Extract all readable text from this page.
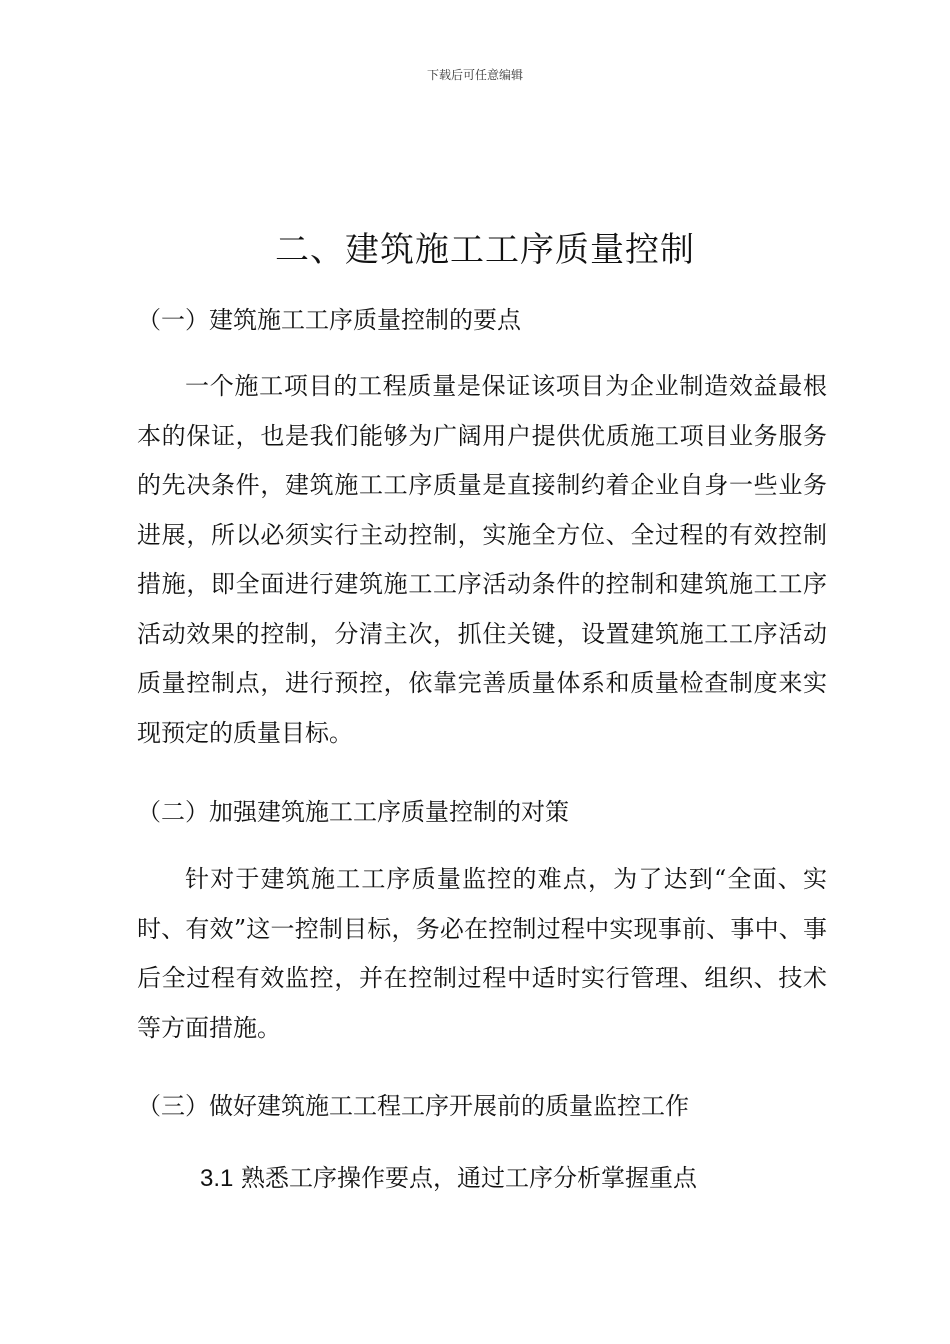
下载后可任意编辑
二、建筑施工工序质量控制
（一）建筑施工工序质量控制的要点

一个施工项目的工程质量是保证该项目为企业制造效益最根本的保证，也是我们能够为广阔用户提供优质施工项目业务服务的先决条件，建筑施工工序质量是直接制约着企业自身一些业务进展，所以必须实行主动控制，实施全方位、全过程的有效控制措施，即全面进行建筑施工工序活动条件的控制和建筑施工工序活动效果的控制，分清主次，抓住关键，设置建筑施工工序活动质量控制点，进行预控，依靠完善质量体系和质量检查制度来实现预定的质量目标。

（二）加强建筑施工工序质量控制的对策

针对于建筑施工工序质量监控的难点，为了达到“全面、实时、有效”这一控制目标，务必在控制过程中实现事前、事中、事后全过程有效监控，并在控制过程中适时实行管理、组织、技术等方面措施。

（三）做好建筑施工工程工序开展前的质量监控工作
3.1 熟悉工序操作要点，通过工序分析掌握重点
